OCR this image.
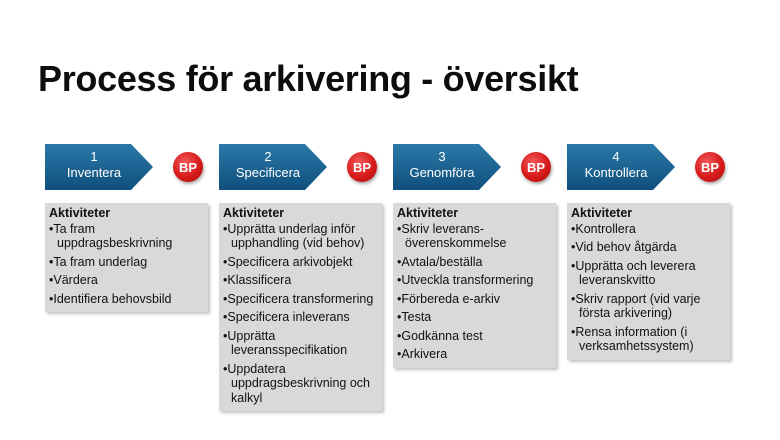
Process för arkivering - översikt
1
Inventera	BP
Aktiviteter
•Ta fram uppdragsbeskrivning
•Ta fram underlag
•Värdera
•Identifiera behovsbild
2
Specificera	BP
Aktiviteter
•Upprätta underlag inför upphandling (vid behov)
•Specificera arkivobjekt
•Klassificera
•Specificera transformering
•Specificera inleverans
•Upprätta leveransspecifikation
•Uppdatera uppdragsbeskrivning och kalkyl
3
Genomföra	BP
Aktiviteter
•Skriv leverans-överenskommelse
•Avtala/beställa
•Utveckla transformering
•Förbereda e-arkiv
•Testa
•Godkänna test
•Arkivera
4
Kontrollera	BP
Aktiviteter
•Kontrollera
•Vid behov åtgärda
•Upprätta och leverera leveranskvitto
•Skriv rapport (vid varje första arkivering)
•Rensa information (i verksamhetssystem)
